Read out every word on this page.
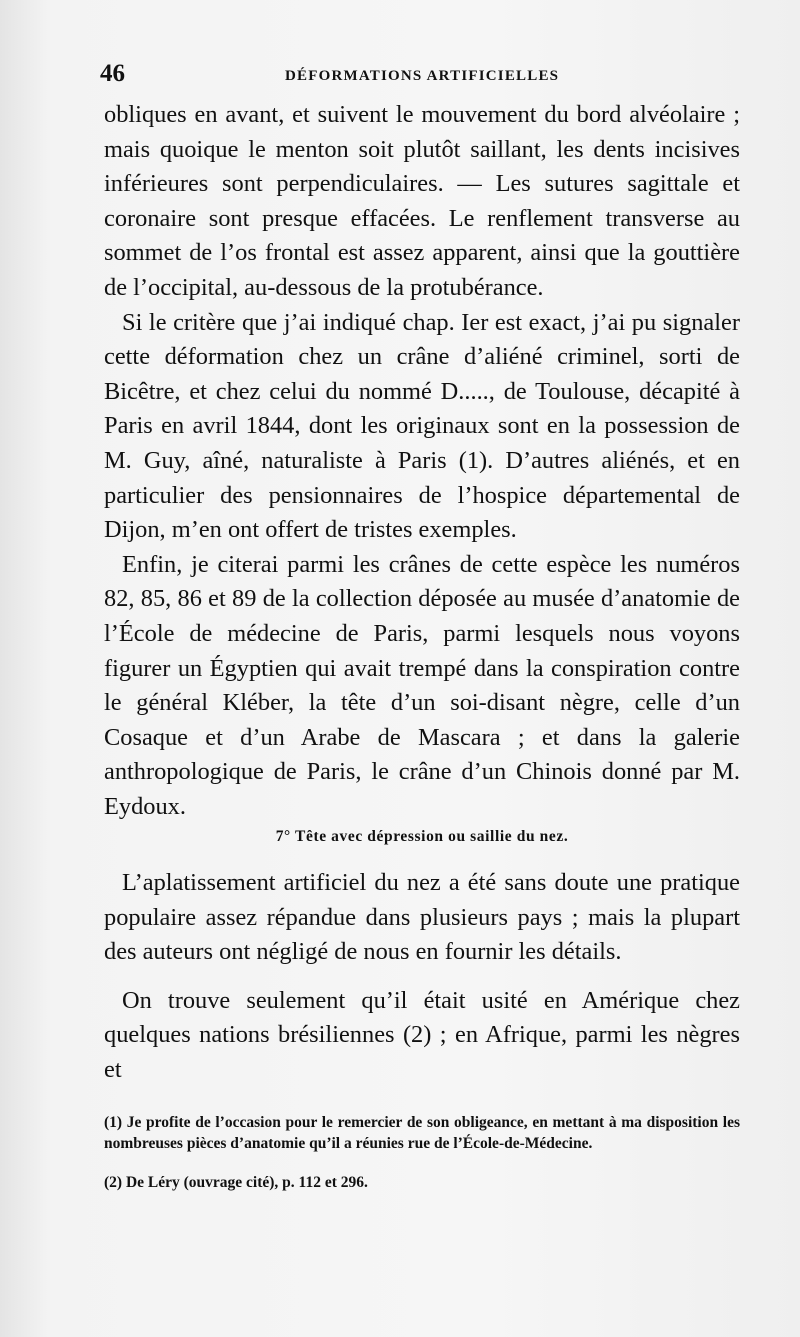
46	DÉFORMATIONS ARTIFICIELLES

obliques en avant, et suivent le mouvement du bord alvéolaire ; mais quoique le menton soit plutôt saillant, les dents incisives inférieures sont perpendiculaires. — Les sutures sagittale et coronaire sont presque effacées. Le renflement transverse au sommet de l’os frontal est assez apparent, ainsi que la gouttière de l’occipital, au-dessous de la protubérance.

Si le critère que j’ai indiqué chap. Ier est exact, j’ai pu signaler cette déformation chez un crâne d’aliéné criminel, sorti de Bicêtre, et chez celui du nommé D....., de Toulouse, décapité à Paris en avril 1844, dont les originaux sont en la possession de M. Guy, aîné, naturaliste à Paris (1). D’autres aliénés, et en particulier des pensionnaires de l’hospice départemental de Dijon, m’en ont offert de tristes exemples.

Enfin, je citerai parmi les crânes de cette espèce les numéros 82, 85, 86 et 89 de la collection déposée au musée d’anatomie de l’École de médecine de Paris, parmi lesquels nous voyons figurer un Égyptien qui avait trempé dans la conspiration contre le général Kléber, la tête d’un soi-disant nègre, celle d’un Cosaque et d’un Arabe de Mascara ; et dans la galerie anthropologique de Paris, le crâne d’un Chinois donné par M. Eydoux.

7° Tête avec dépression ou saillie du nez.

L’aplatissement artificiel du nez a été sans doute une pratique populaire assez répandue dans plusieurs pays ; mais la plupart des auteurs ont négligé de nous en fournir les détails.

On trouve seulement qu’il était usité en Amérique chez quelques nations brésiliennes (2) ; en Afrique, parmi les nègres et

(1) Je profite de l’occasion pour le remercier de son obligeance, en mettant à ma disposition les nombreuses pièces d’anatomie qu’il a réunies rue de l’École-de-Médecine.

(2) De Léry (ouvrage cité), p. 112 et 296.
